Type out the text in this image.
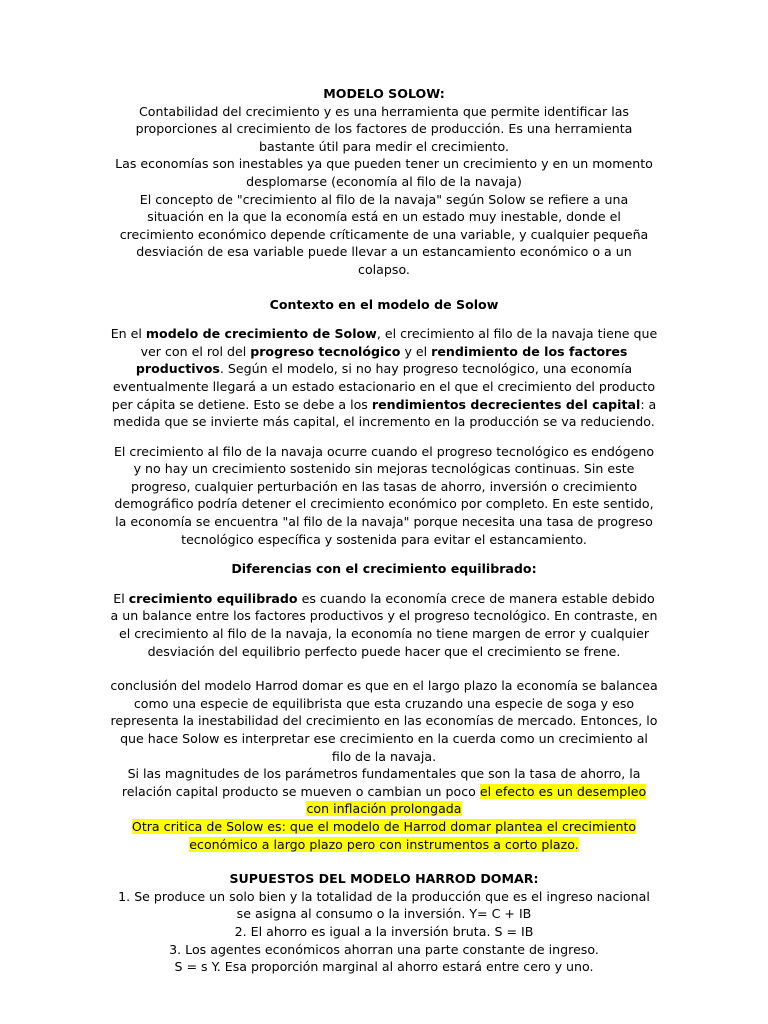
MODELO SOLOW:

Contabilidad del crecimiento y es una herramienta que permite identificar las proporciones al crecimiento de los factores de producción. Es una herramienta bastante útil para medir el crecimiento.

Las economías son inestables ya que pueden tener un crecimiento y en un momento desplomarse (economía al filo de la navaja)

El concepto de "crecimiento al filo de la navaja" según Solow se refiere a una situación en la que la economía está en un estado muy inestable, donde el crecimiento económico depende críticamente de una variable, y cualquier pequeña desviación de esa variable puede llevar a un estancamiento económico o a un colapso.

Contexto en el modelo de Solow

En el modelo de crecimiento de Solow, el crecimiento al filo de la navaja tiene que ver con el rol del progreso tecnológico y el rendimiento de los factores productivos. Según el modelo, si no hay progreso tecnológico, una economía eventualmente llegará a un estado estacionario en el que el crecimiento del producto per cápita se detiene. Esto se debe a los rendimientos decrecientes del capital: a medida que se invierte más capital, el incremento en la producción se va reduciendo.

El crecimiento al filo de la navaja ocurre cuando el progreso tecnológico es endógeno y no hay un crecimiento sostenido sin mejoras tecnológicas continuas. Sin este progreso, cualquier perturbación en las tasas de ahorro, inversión o crecimiento demográfico podría detener el crecimiento económico por completo. En este sentido, la economía se encuentra "al filo de la navaja" porque necesita una tasa de progreso tecnológico específica y sostenida para evitar el estancamiento.

Diferencias con el crecimiento equilibrado:

El crecimiento equilibrado es cuando la economía crece de manera estable debido a un balance entre los factores productivos y el progreso tecnológico. En contraste, en el crecimiento al filo de la navaja, la economía no tiene margen de error y cualquier desviación del equilibrio perfecto puede hacer que el crecimiento se frene.

conclusión del modelo Harrod domar es que en el largo plazo la economía se balancea como una especie de equilibrista que esta cruzando una especie de soga y eso representa la inestabilidad del crecimiento en las economías de mercado. Entonces, lo que hace Solow es interpretar ese crecimiento en la cuerda como un crecimiento al filo de la navaja.

Si las magnitudes de los parámetros fundamentales que son la tasa de ahorro, la relación capital producto se mueven o cambian un poco el efecto es un desempleo con inflación prolongada

Otra critica de Solow es: que el modelo de Harrod domar plantea el crecimiento económico a largo plazo pero con instrumentos a corto plazo.

SUPUESTOS DEL MODELO HARROD DOMAR:

1. Se produce un solo bien y la totalidad de la producción que es el ingreso nacional se asigna al consumo o la inversión. Y= C + IB

2. El ahorro es igual a la inversión bruta. S = IB

3. Los agentes económicos ahorran una parte constante de ingreso.

S = s Y. Esa proporción marginal al ahorro estará entre cero y uno.
